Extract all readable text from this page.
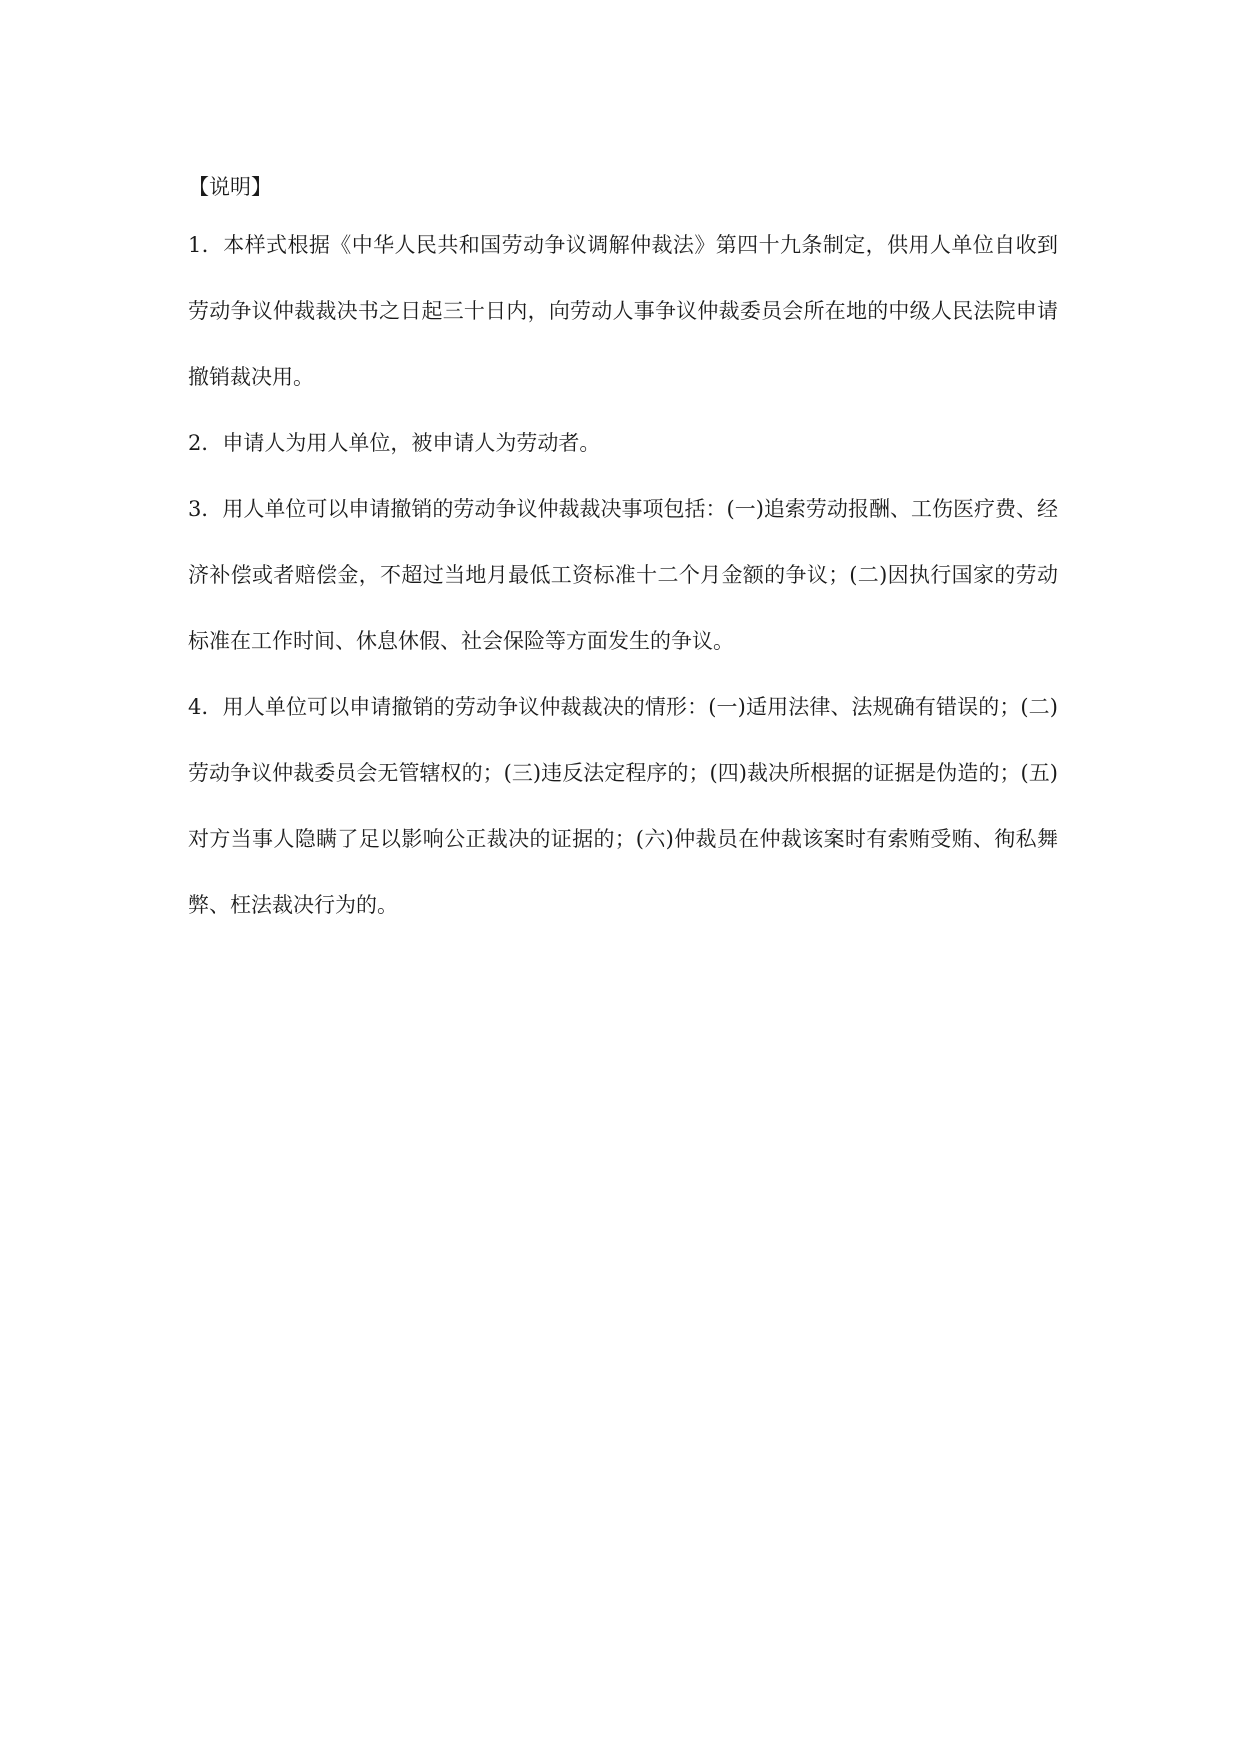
【说明】
1．本样式根据《中华人民共和国劳动争议调解仲裁法》第四十九条制定，供用人单位自收到劳动争议仲裁裁决书之日起三十日内，向劳动人事争议仲裁委员会所在地的中级人民法院申请撤销裁决用。
2．申请人为用人单位，被申请人为劳动者。
3．用人单位可以申请撤销的劳动争议仲裁裁决事项包括：(一)追索劳动报酬、工伤医疗费、经济补偿或者赔偿金，不超过当地月最低工资标准十二个月金额的争议；(二)因执行国家的劳动标准在工作时间、休息休假、社会保险等方面发生的争议。
4．用人单位可以申请撤销的劳动争议仲裁裁决的情形：(一)适用法律、法规确有错误的；(二)劳动争议仲裁委员会无管辖权的；(三)违反法定程序的；(四)裁决所根据的证据是伪造的；(五)对方当事人隐瞒了足以影响公正裁决的证据的；(六)仲裁员在仲裁该案时有索贿受贿、徇私舞弊、枉法裁决行为的。
